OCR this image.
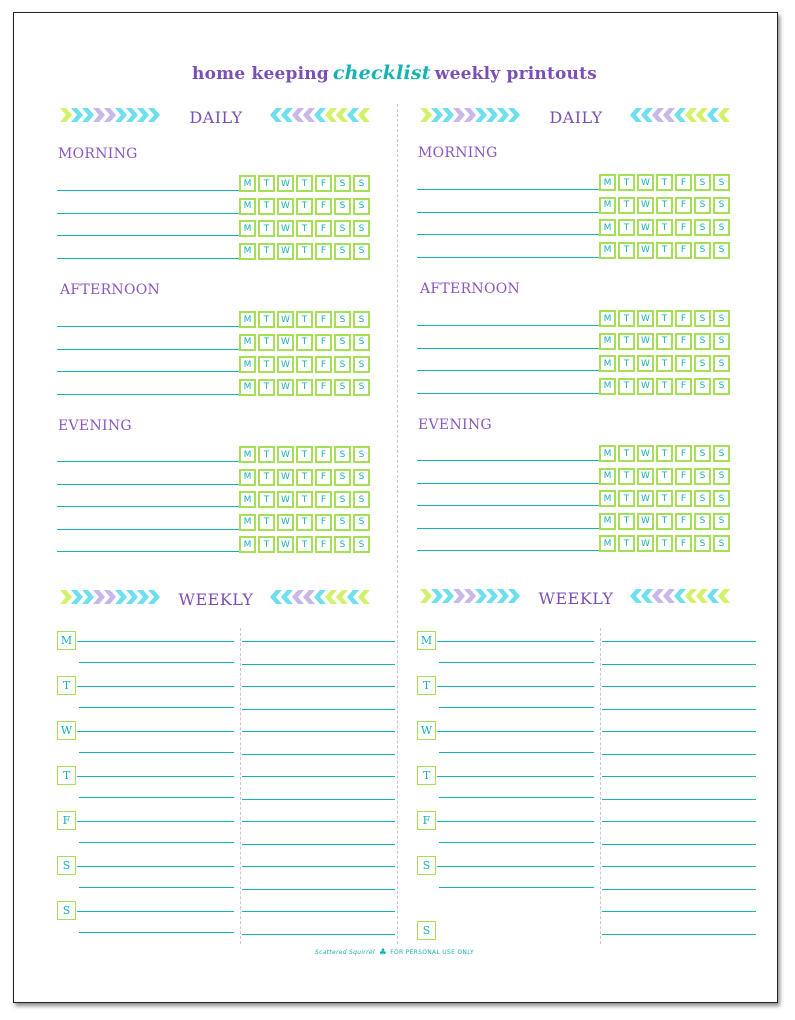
home keeping checklist weekly printouts
DAILY
MORNING
M	T	W	T	F	S	S
M	T	W	T	F	S	S
M	T	W	T	F	S	S
M	T	W	T	F	S	S
AFTERNOON
M	T	W	T	F	S	S
M	T	W	T	F	S	S
M	T	W	T	F	S	S
M	T	W	T	F	S	S
EVENING
M	T	W	T	F	S	S
M	T	W	T	F	S	S
M	T	W	T	F	S	S
M	T	W	T	F	S	S
M	T	W	T	F	S	S
WEEKLY
M
T
W
T
F
S
S
DAILY
MORNING
M	T	W	T	F	S	S
M	T	W	T	F	S	S
M	T	W	T	F	S	S
M	T	W	T	F	S	S
AFTERNOON
M	T	W	T	F	S	S
M	T	W	T	F	S	S
M	T	W	T	F	S	S
M	T	W	T	F	S	S
EVENING
M	T	W	T	F	S	S
M	T	W	T	F	S	S
M	T	W	T	F	S	S
M	T	W	T	F	S	S
M	T	W	T	F	S	S
WEEKLY
M
T
W
T
F
S
S
Scattered Squirrel ♣ FOR PERSONAL USE ONLY
